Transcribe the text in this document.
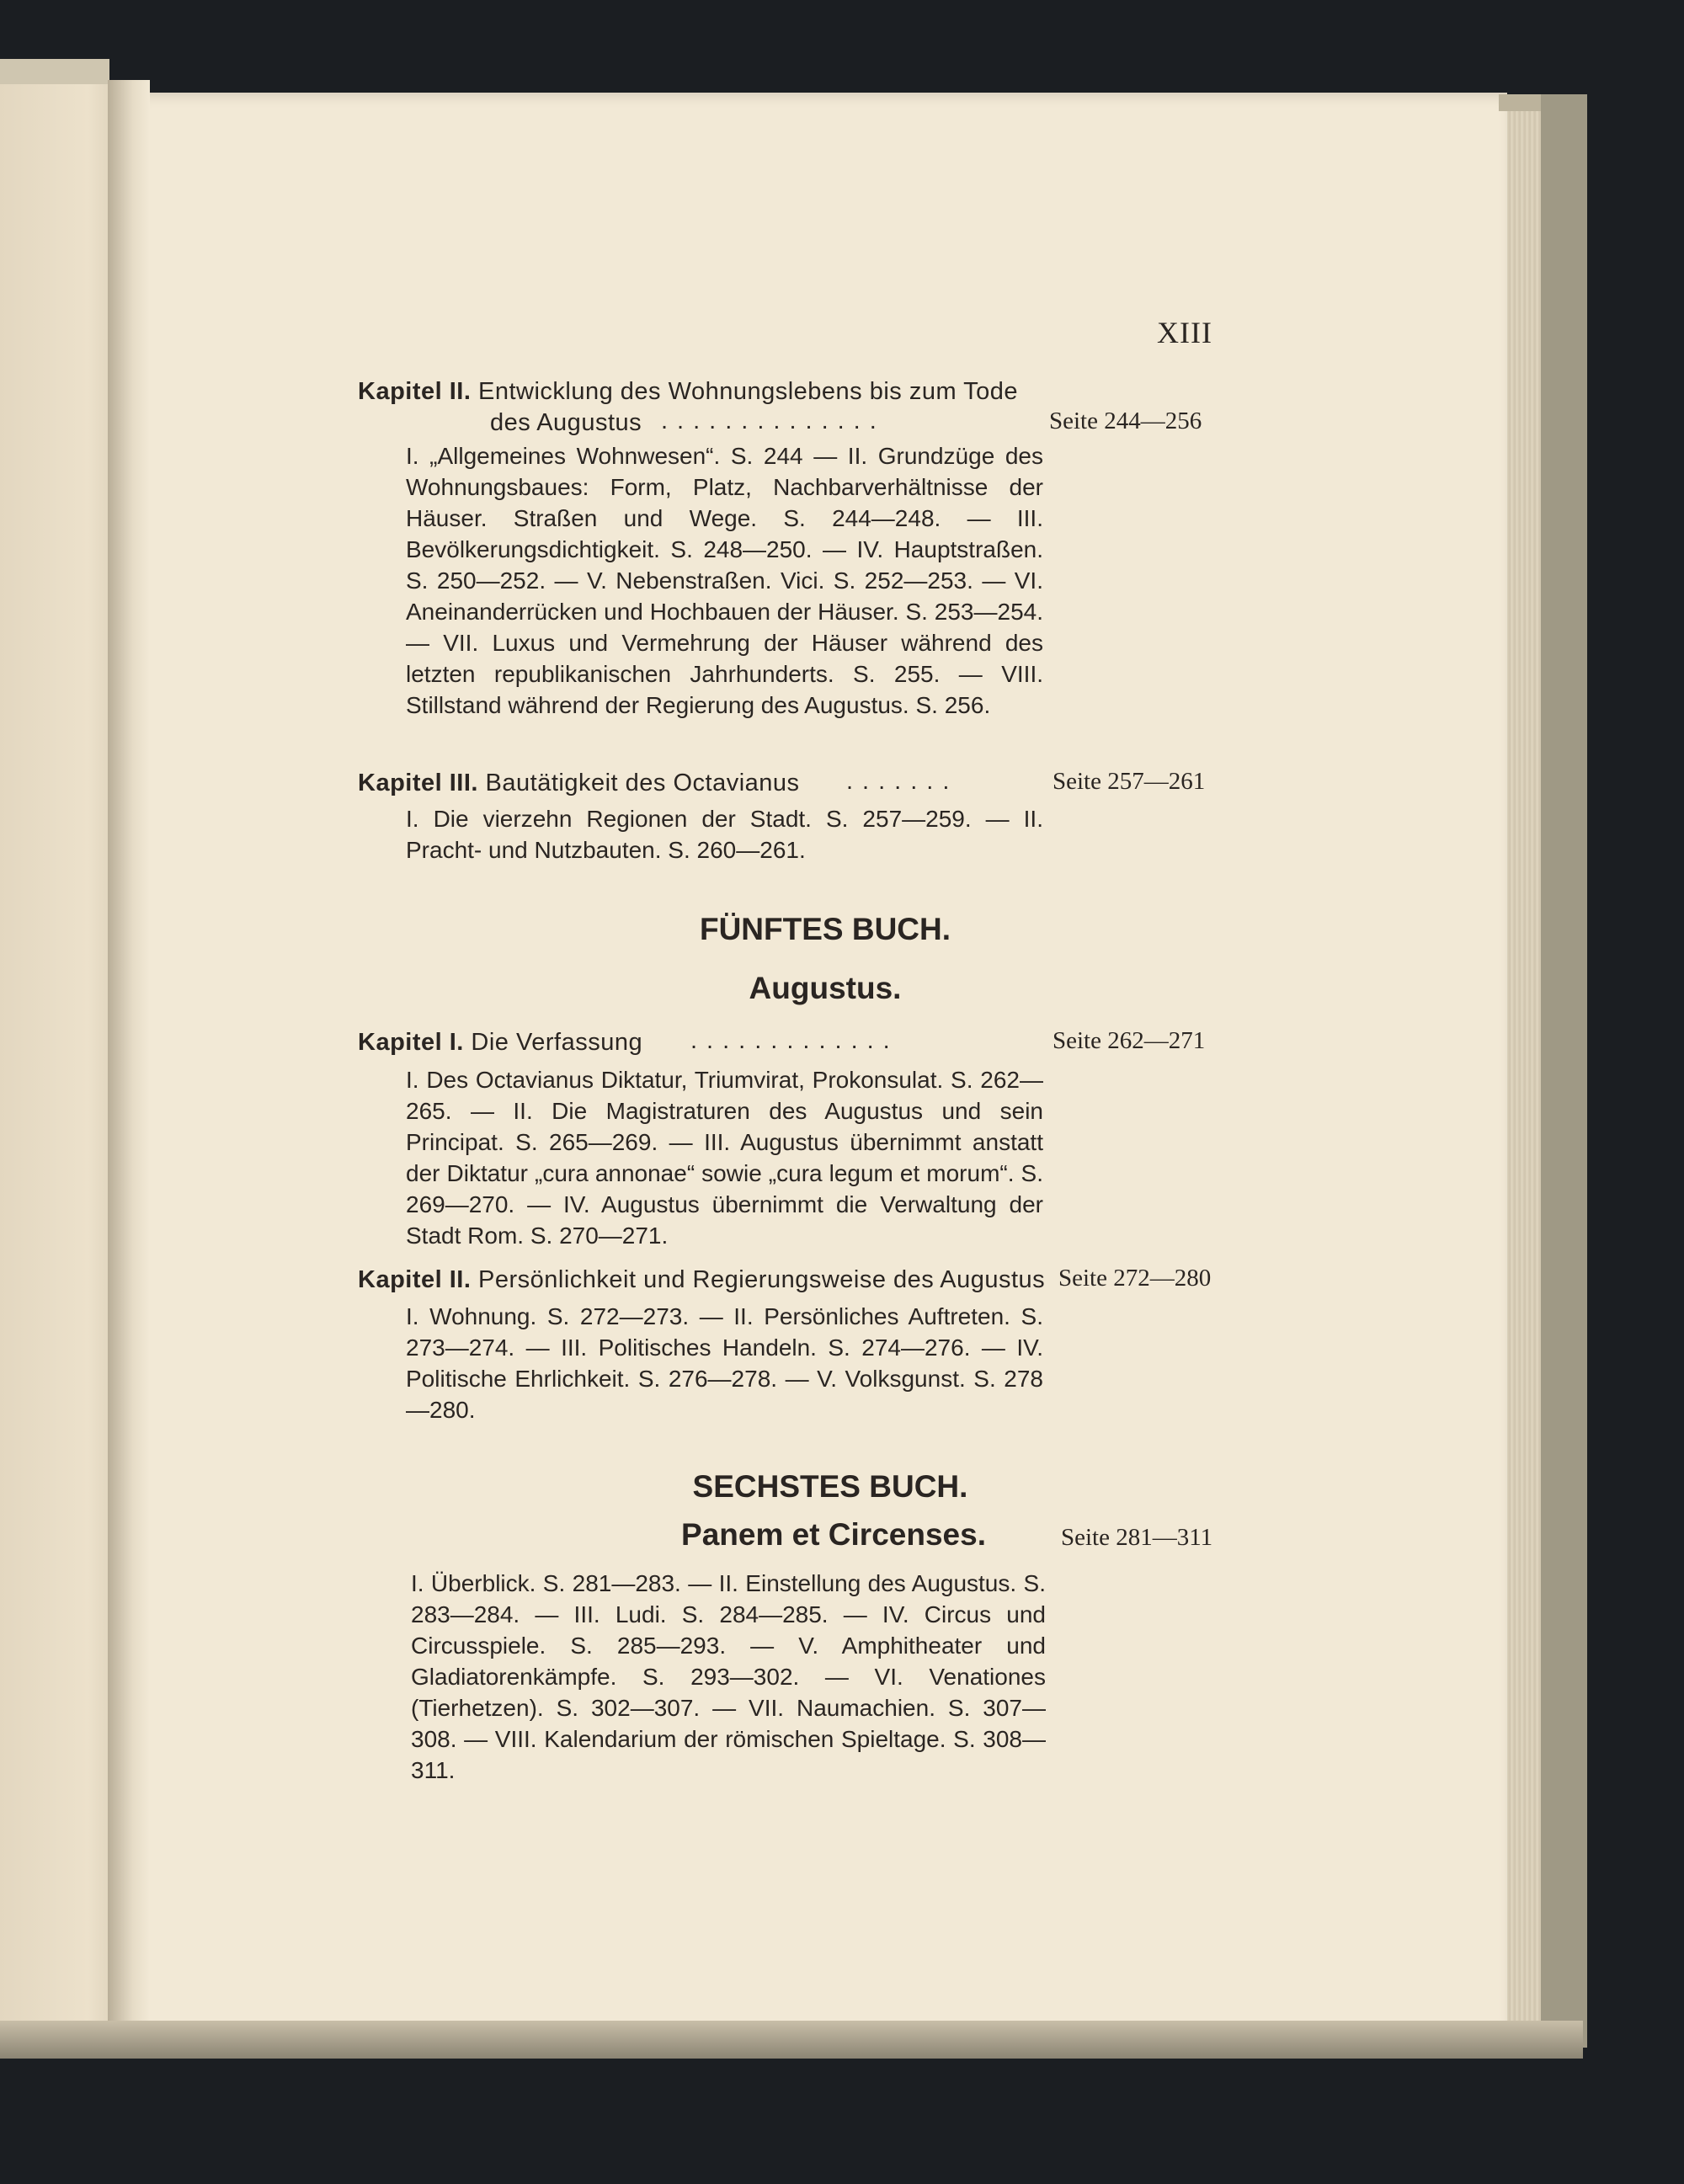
XIII
Kapitel II. Entwicklung des Wohnungslebens bis zum Tode
des Augustus ..............	Seite 244—256
I. „Allgemeines Wohnwesen“. S. 244 — II. Grundzüge des Wohnungsbaues: Form, Platz, Nachbarverhältnisse der Häuser. Straßen und Wege. S. 244—248. — III. Bevölkerungsdichtigkeit. S. 248—250. — IV. Hauptstraßen. S. 250—252. — V. Nebenstraßen. Vici. S. 252—253. — VI. Aneinanderrücken und Hochbauen der Häuser. S. 253—254. — VII. Luxus und Vermehrung der Häuser während des letzten republikanischen Jahrhunderts. S. 255. — VIII. Stillstand während der Regierung des Augustus. S. 256.
Kapitel III. Bautätigkeit des Octavianus	.......	Seite 257—261
I. Die vierzehn Regionen der Stadt. S. 257—259. — II. Pracht- und Nutzbauten. S. 260—261.
FÜNFTES BUCH.
Augustus.
Kapitel I. Die Verfassung	.............	Seite 262—271
I. Des Octavianus Diktatur, Triumvirat, Prokonsulat. S. 262—265. — II. Die Magistraturen des Augustus und sein Principat. S. 265—269. — III. Augustus übernimmt anstatt der Diktatur „cura annonae“ sowie „cura legum et morum“. S. 269—270. — IV. Augustus übernimmt die Verwaltung der Stadt Rom. S. 270—271.
Kapitel II. Persönlichkeit und Regierungsweise des Augustus Seite 272—280
I. Wohnung. S. 272—273. — II. Persönliches Auftreten. S. 273—274. — III. Politisches Handeln. S. 274—276. — IV. Politische Ehrlichkeit. S. 276—278. — V. Volksgunst. S. 278—280.
SECHSTES BUCH.
Panem et Circenses.	Seite 281—311
I. Überblick. S. 281—283. — II. Einstellung des Augustus. S. 283—284. — III. Ludi. S. 284—285. — IV. Circus und Circusspiele. S. 285—293. — V. Amphitheater und Gladiatorenkämpfe. S. 293—302. — VI. Venationes (Tierhetzen). S. 302—307. — VII. Naumachien. S. 307—308. — VIII. Kalendarium der römischen Spieltage. S. 308—311.
